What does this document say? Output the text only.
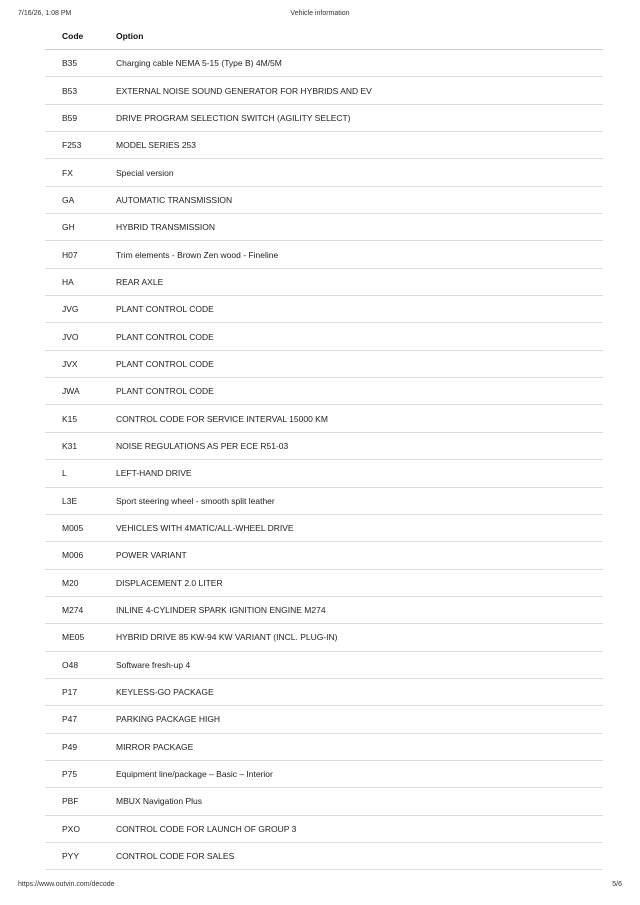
7/16/26, 1:08 PM	Vehicle information
Code	Option
B35	Charging cable NEMA 5-15 (Type B) 4M/5M
B53	EXTERNAL NOISE SOUND GENERATOR FOR HYBRIDS AND EV
B59	DRIVE PROGRAM SELECTION SWITCH (AGILITY SELECT)
F253	MODEL SERIES 253
FX	Special version
GA	AUTOMATIC TRANSMISSION
GH	HYBRID TRANSMISSION
H07	Trim elements - Brown Zen wood - Fineline
HA	REAR AXLE
JVG	PLANT CONTROL CODE
JVO	PLANT CONTROL CODE
JVX	PLANT CONTROL CODE
JWA	PLANT CONTROL CODE
K15	CONTROL CODE FOR SERVICE INTERVAL 15000 KM
K31	NOISE REGULATIONS AS PER ECE R51-03
L	LEFT-HAND DRIVE
L3E	Sport steering wheel - smooth split leather
M005	VEHICLES WITH 4MATIC/ALL-WHEEL DRIVE
M006	POWER VARIANT
M20	DISPLACEMENT 2.0 LITER
M274	INLINE 4-CYLINDER SPARK IGNITION ENGINE M274
ME05	HYBRID DRIVE 85 KW-94 KW VARIANT (INCL. PLUG-IN)
O48	Software fresh-up 4
P17	KEYLESS-GO PACKAGE
P47	PARKING PACKAGE HIGH
P49	MIRROR PACKAGE
P75	Equipment line/package – Basic – Interior
PBF	MBUX Navigation Plus
PXO	CONTROL CODE FOR LAUNCH OF GROUP 3
PYY	CONTROL CODE FOR SALES
https://www.outvin.com/decode	5/6
